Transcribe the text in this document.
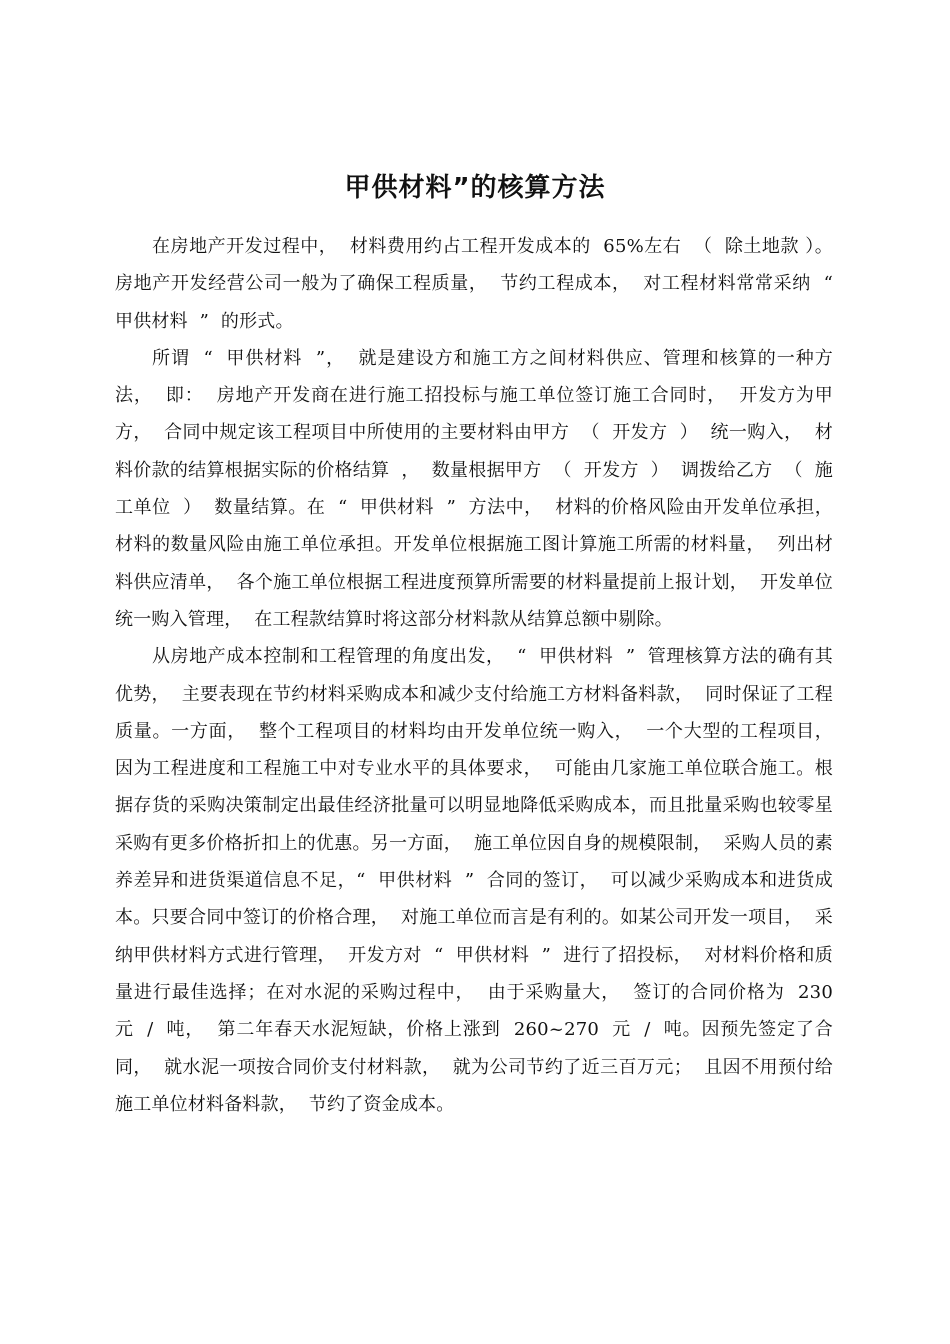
甲供材料”的核算方法

在房地产开发过程中，  材料费用约占工程开发成本的  65%左右  （  除土地款 ）。房地产开发经营公司一般为了确保工程质量，  节约工程成本，  对工程材料常常采纳  “  甲供材料  ”  的形式。

所谓  “  甲供材料  ”，  就是建设方和施工方之间材料供应、管理和核算的一种方法，  即：  房地产开发商在进行施工招投标与施工单位签订施工合同时，  开发方为甲方，  合同中规定该工程项目中所使用的主要材料由甲方  （  开发方  ）  统一购入，  材料价款的结算根据实际的价格结算  ，  数量根据甲方  （  开发方  ）  调拨给乙方  （  施工单位  ）  数量结算。在  “  甲供材料  ”  方法中，  材料的价格风险由开发单位承担，  材料的数量风险由施工单位承担。开发单位根据施工图计算施工所需的材料量，  列出材料供应清单，  各个施工单位根据工程进度预算所需要的材料量提前上报计划，  开发单位统一购入管理，  在工程款结算时将这部分材料款从结算总额中剔除。

从房地产成本控制和工程管理的角度出发，  “  甲供材料  ”  管理核算方法的确有其优势，  主要表现在节约材料采购成本和减少支付给施工方材料备料款，  同时保证了工程质量。一方面，  整个工程项目的材料均由开发单位统一购入，  一个大型的工程项目，  因为工程进度和工程施工中对专业水平的具体要求，  可能由几家施工单位联合施工。根据存货的采购决策制定出最佳经济批量可以明显地降低采购成本，而且批量采购也较零星采购有更多价格折扣上的优惠。另一方面，  施工单位因自身的规模限制，  采购人员的素养差异和进货渠道信息不足，“  甲供材料  ”  合同的签订，  可以减少采购成本和进货成本。只要合同中签订的价格合理，  对施工单位而言是有利的。如某公司开发一项目，  采纳甲供材料方式进行管理，  开发方对  “  甲供材料  ”  进行了招投标，  对材料价格和质量进行最佳选择；在对水泥的采购过程中，  由于采购量大，  签订的合同价格为  230  元  /  吨，  第二年春天水泥短缺，价格上涨到  260~270  元  /  吨。因预先签定了合同，  就水泥一项按合同价支付材料款，  就为公司节约了近三百万元；  且因不用预付给施工单位材料备料款，  节约了资金成本。
